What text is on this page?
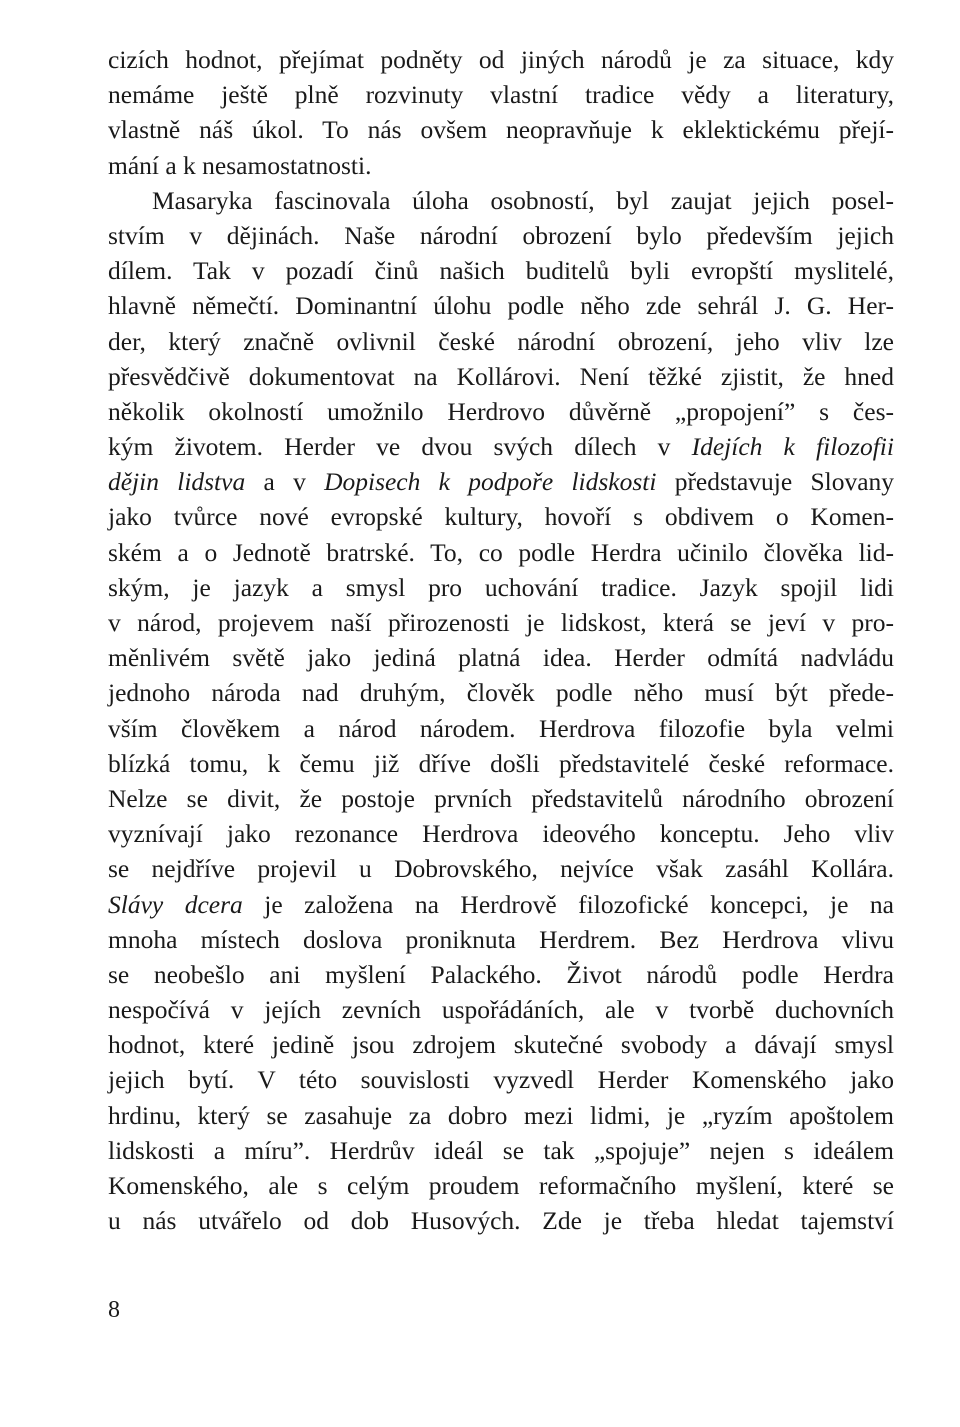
cizích hodnot, přejímat podněty od jiných národů je za situace, kdy
nemáme ještě plně rozvinuty vlastní tradice vědy a literatury,
vlastně náš úkol. To nás ovšem neopravňuje k eklektickému přejí-
mání a k nesamostatnosti.
Masaryka fascinovala úloha osobností, byl zaujat jejich posel-
stvím v dějinách. Naše národní obrození bylo především jejich
dílem. Tak v pozadí činů našich buditelů byli evropští myslitelé,
hlavně němečtí. Dominantní úlohu podle něho zde sehrál J. G. Her-
der, který značně ovlivnil české národní obrození, jeho vliv lze
přesvědčivě dokumentovat na Kollárovi. Není těžké zjistit, že hned
několik okolností umožnilo Herdrovo důvěrně „propojení” s čes-
kým životem. Herder ve dvou svých dílech v Idejích k filozofii
dějin lidstva a v Dopisech k podpoře lidskosti představuje Slovany
jako tvůrce nové evropské kultury, hovoří s obdivem o Komen-
ském a o Jednotě bratrské. To, co podle Herdra učinilo člověka lid-
ským, je jazyk a smysl pro uchování tradice. Jazyk spojil lidi
v národ, projevem naší přirozenosti je lidskost, která se jeví v pro-
měnlivém světě jako jediná platná idea. Herder odmítá nadvládu
jednoho národa nad druhým, člověk podle něho musí být přede-
vším člověkem a národ národem. Herdrova filozofie byla velmi
blízká tomu, k čemu již dříve došli představitelé české reformace.
Nelze se divit, že postoje prvních představitelů národního obrození
vyznívají jako rezonance Herdrova ideového konceptu. Jeho vliv
se nejdříve projevil u Dobrovského, nejvíce však zasáhl Kollára.
Slávy dcera je založena na Herdrově filozofické koncepci, je na
mnoha místech doslova proniknuta Herdrem. Bez Herdrova vlivu
se neobešlo ani myšlení Palackého. Život národů podle Herdra
nespočívá v jejích zevních uspořádáních, ale v tvorbě duchovních
hodnot, které jedině jsou zdrojem skutečné svobody a dávají smysl
jejich bytí. V této souvislosti vyzvedl Herder Komenského jako
hrdinu, který se zasahuje za dobro mezi lidmi, je „ryzím apoštolem
lidskosti a míru”. Herdrův ideál se tak „spojuje” nejen s ideálem
Komenského, ale s celým proudem reformačního myšlení, které se
u nás utvářelo od dob Husových. Zde je třeba hledat tajemství
8
